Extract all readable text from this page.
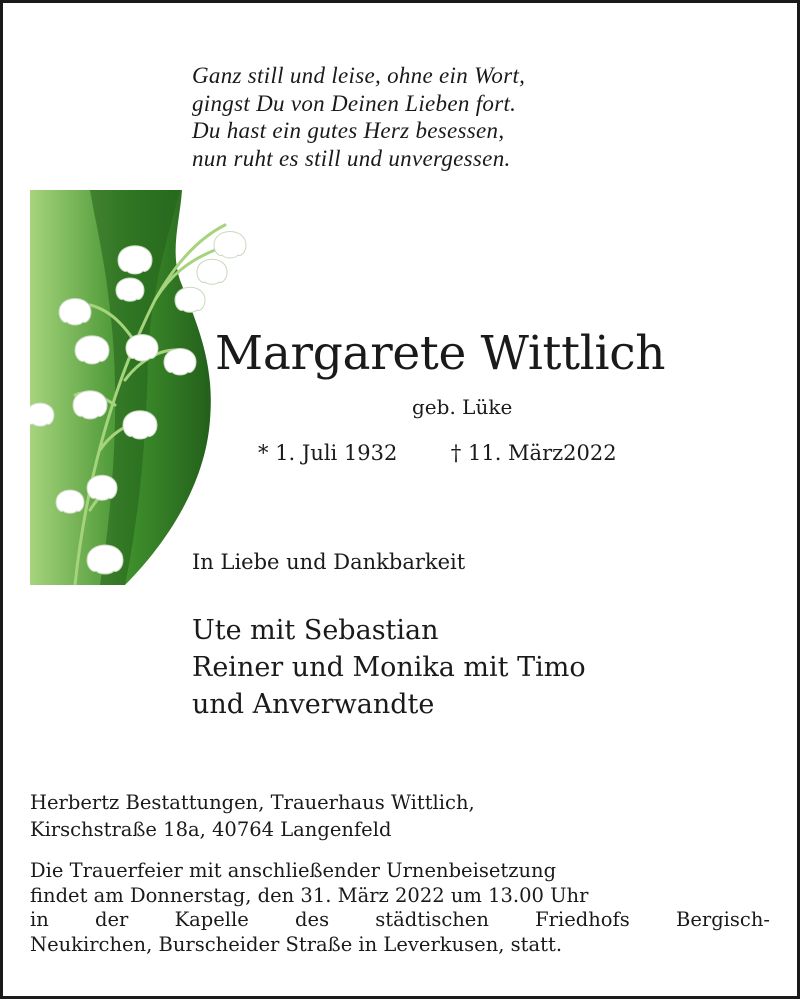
Ganz still und leise, ohne ein Wort,
gingst Du von Deinen Lieben fort.
Du hast ein gutes Herz besessen,
nun ruht es still und unvergessen.
Margarete Wittlich
geb. Lüke
* 1. Juli 1932	† 11. März2022
In Liebe und Dankbarkeit
Ute mit Sebastian
Reiner und Monika mit Timo
und Anverwandte
Herbertz Bestattungen, Trauerhaus Wittlich,
Kirschstraße 18a, 40764 Langenfeld
Die Trauerfeier mit anschließender Urnenbeisetzung
findet am Donnerstag, den 31. März 2022 um 13.00 Uhr
in der Kapelle des städtischen Friedhofs Bergisch-
Neukirchen, Burscheider Straße in Leverkusen, statt.
